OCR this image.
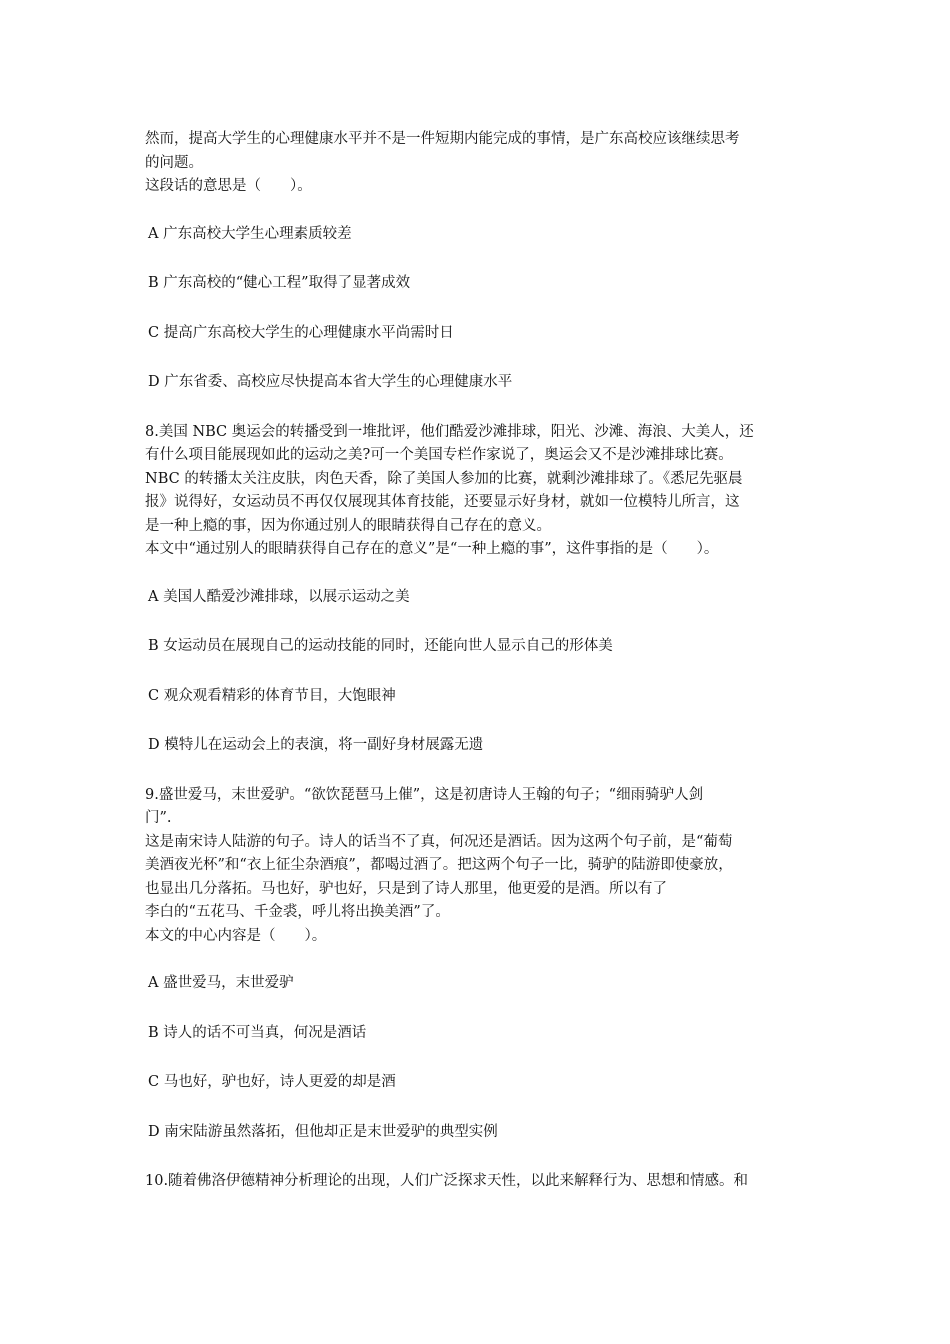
然而，提高大学生的心理健康水平并不是一件短期内能完成的事情，是广东高校应该继续思考
的问题。
这段话的意思是（　　）。
A 广东高校大学生心理素质较差
B 广东高校的“健心工程”取得了显著成效
C 提高广东高校大学生的心理健康水平尚需时日
D 广东省委、高校应尽快提高本省大学生的心理健康水平
8.美国 NBC 奥运会的转播受到一堆批评，他们酷爱沙滩排球，阳光、沙滩、海浪、大美人，还
有什么项目能展现如此的运动之美?可一个美国专栏作家说了，奥运会又不是沙滩排球比赛。
NBC 的转播太关注皮肤，肉色天香，除了美国人参加的比赛，就剩沙滩排球了。《悉尼先驱晨
报》说得好，女运动员不再仅仅展现其体育技能，还要显示好身材，就如一位模特儿所言，这
是一种上瘾的事，因为你通过别人的眼睛获得自己存在的意义。
本文中“通过别人的眼睛获得自己存在的意义”是“一种上瘾的事”，这件事指的是（　　）。
A 美国人酷爱沙滩排球，以展示运动之美
B 女运动员在展现自己的运动技能的同时，还能向世人显示自己的形体美
C 观众观看精彩的体育节目，大饱眼神
D 模特儿在运动会上的表演，将一副好身材展露无遗
9.盛世爱马，末世爱驴。“欲饮琵琶马上催”，这是初唐诗人王翰的句子；“细雨骑驴人剑
门”.
这是南宋诗人陆游的句子。诗人的话当不了真，何况还是酒话。因为这两个句子前，是“葡萄
美酒夜光杯”和“衣上征尘杂酒痕”，都喝过酒了。把这两个句子一比，骑驴的陆游即使豪放，
也显出几分落拓。马也好，驴也好，只是到了诗人那里，他更爱的是酒。所以有了
李白的“五花马、千金裘，呼儿将出换美酒”了。
本文的中心内容是（　　）。
A 盛世爱马，末世爱驴
B 诗人的话不可当真，何况是酒话
C 马也好，驴也好，诗人更爱的却是酒
D 南宋陆游虽然落拓，但他却正是末世爱驴的典型实例
10.随着佛洛伊德精神分析理论的出现，人们广泛探求天性，以此来解释行为、思想和情感。和
